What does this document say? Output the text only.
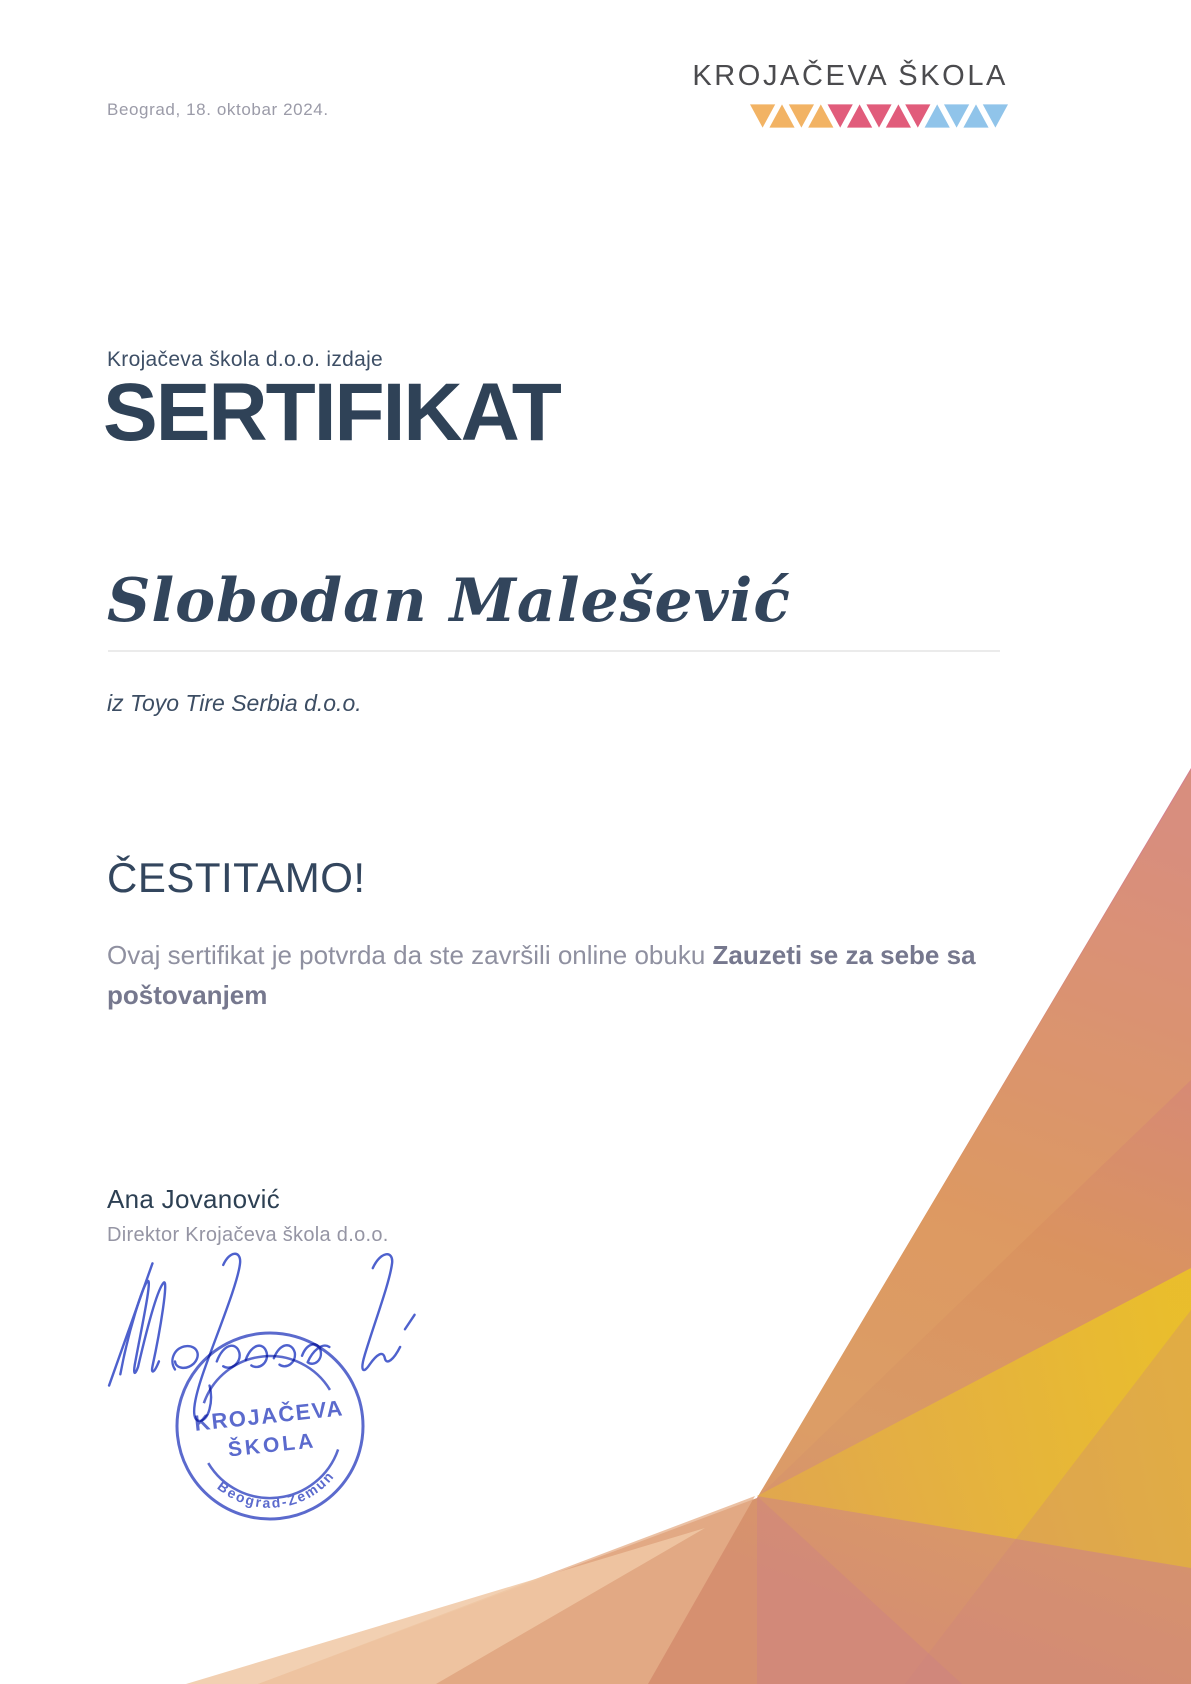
Beograd, 18. oktobar 2024.
KROJAČEVA ŠKOLA
Krojačeva škola d.o.o. izdaje
SERTIFIKAT
Slobodan Malešević
iz Toyo Tire Serbia d.o.o.
ČESTITAMO!
Ovaj sertifikat je potvrda da ste završili online obuku Zauzeti se za sebe sa poštovanjem
Ana Jovanović
Direktor Krojačeva škola d.o.o.
KROJAČEVA
ŠKOLA
Beograd-Zemun
